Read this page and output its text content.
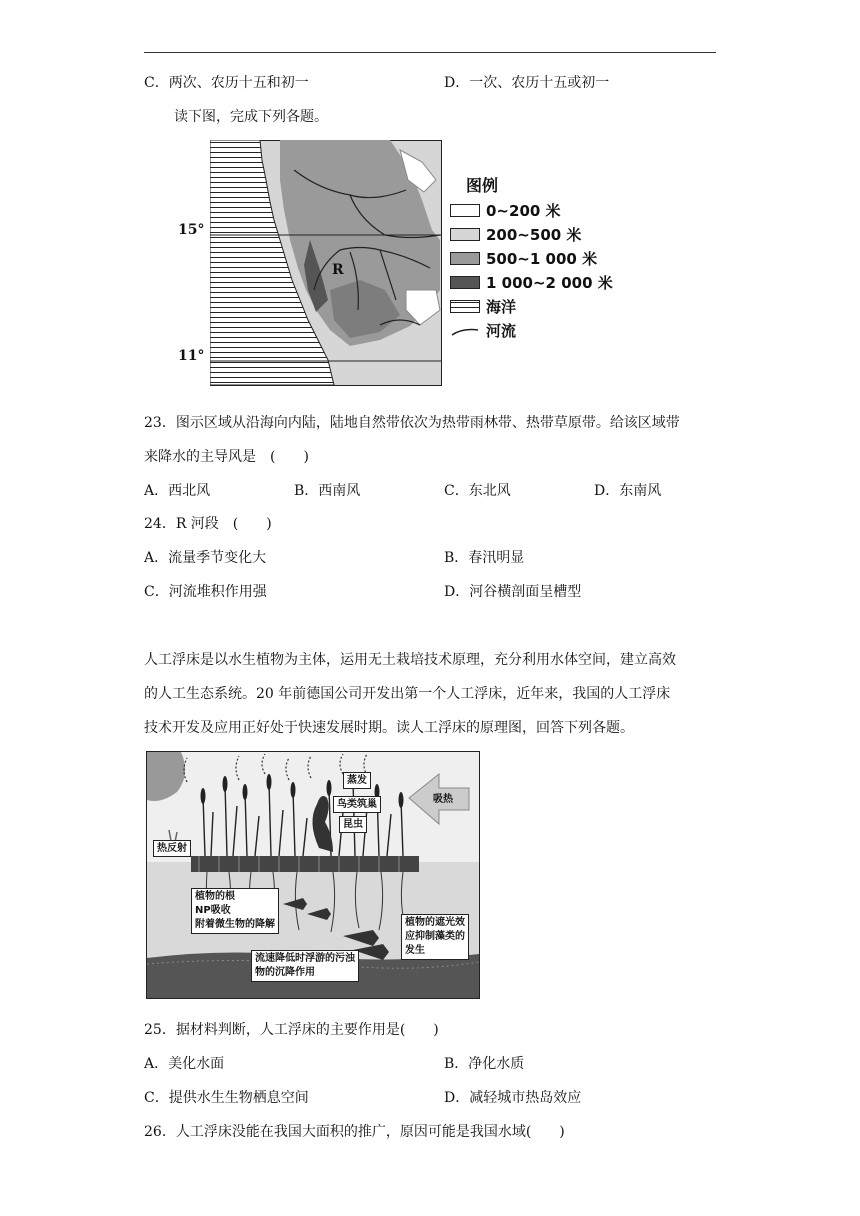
C．两次、农历十五和初一	D．一次、农历十五或初一
读下图，完成下列各题。
15°
11°
R
图例
0~200 米
200~500 米
500~1 000 米
1 000~2 000 米
海洋
河流
23．图示区域从沿海向内陆，陆地自然带依次为热带雨林带、热带草原带。给该区域带
来降水的主导风是　(　　)
A．西北风	B．西南风	C．东北风	D．东南风
24．R 河段　(　　)
A．流量季节变化大	B．春汛明显
C．河流堆积作用强	D．河谷横剖面呈槽型
人工浮床是以水生植物为主体，运用无土栽培技术原理，充分利用水体空间，建立高效
的人工生态系统。20 年前德国公司开发出第一个人工浮床，近年来，我国的人工浮床
技术开发及应用正好处于快速发展时期。读人工浮床的原理图，回答下列各题。
蒸发
鸟类筑巢
昆虫
吸热
热反射
植物的根
NP吸收
附着微生物的降解	植物的遮光效
应抑制藻类的
发生
流速降低时浮游的污浊
物的沉降作用
25．据材料判断，人工浮床的主要作用是(　　)
A．美化水面	B．净化水质
C．提供水生生物栖息空间	D．减轻城市热岛效应
26．人工浮床没能在我国大面积的推广，原因可能是我国水域(　　)
